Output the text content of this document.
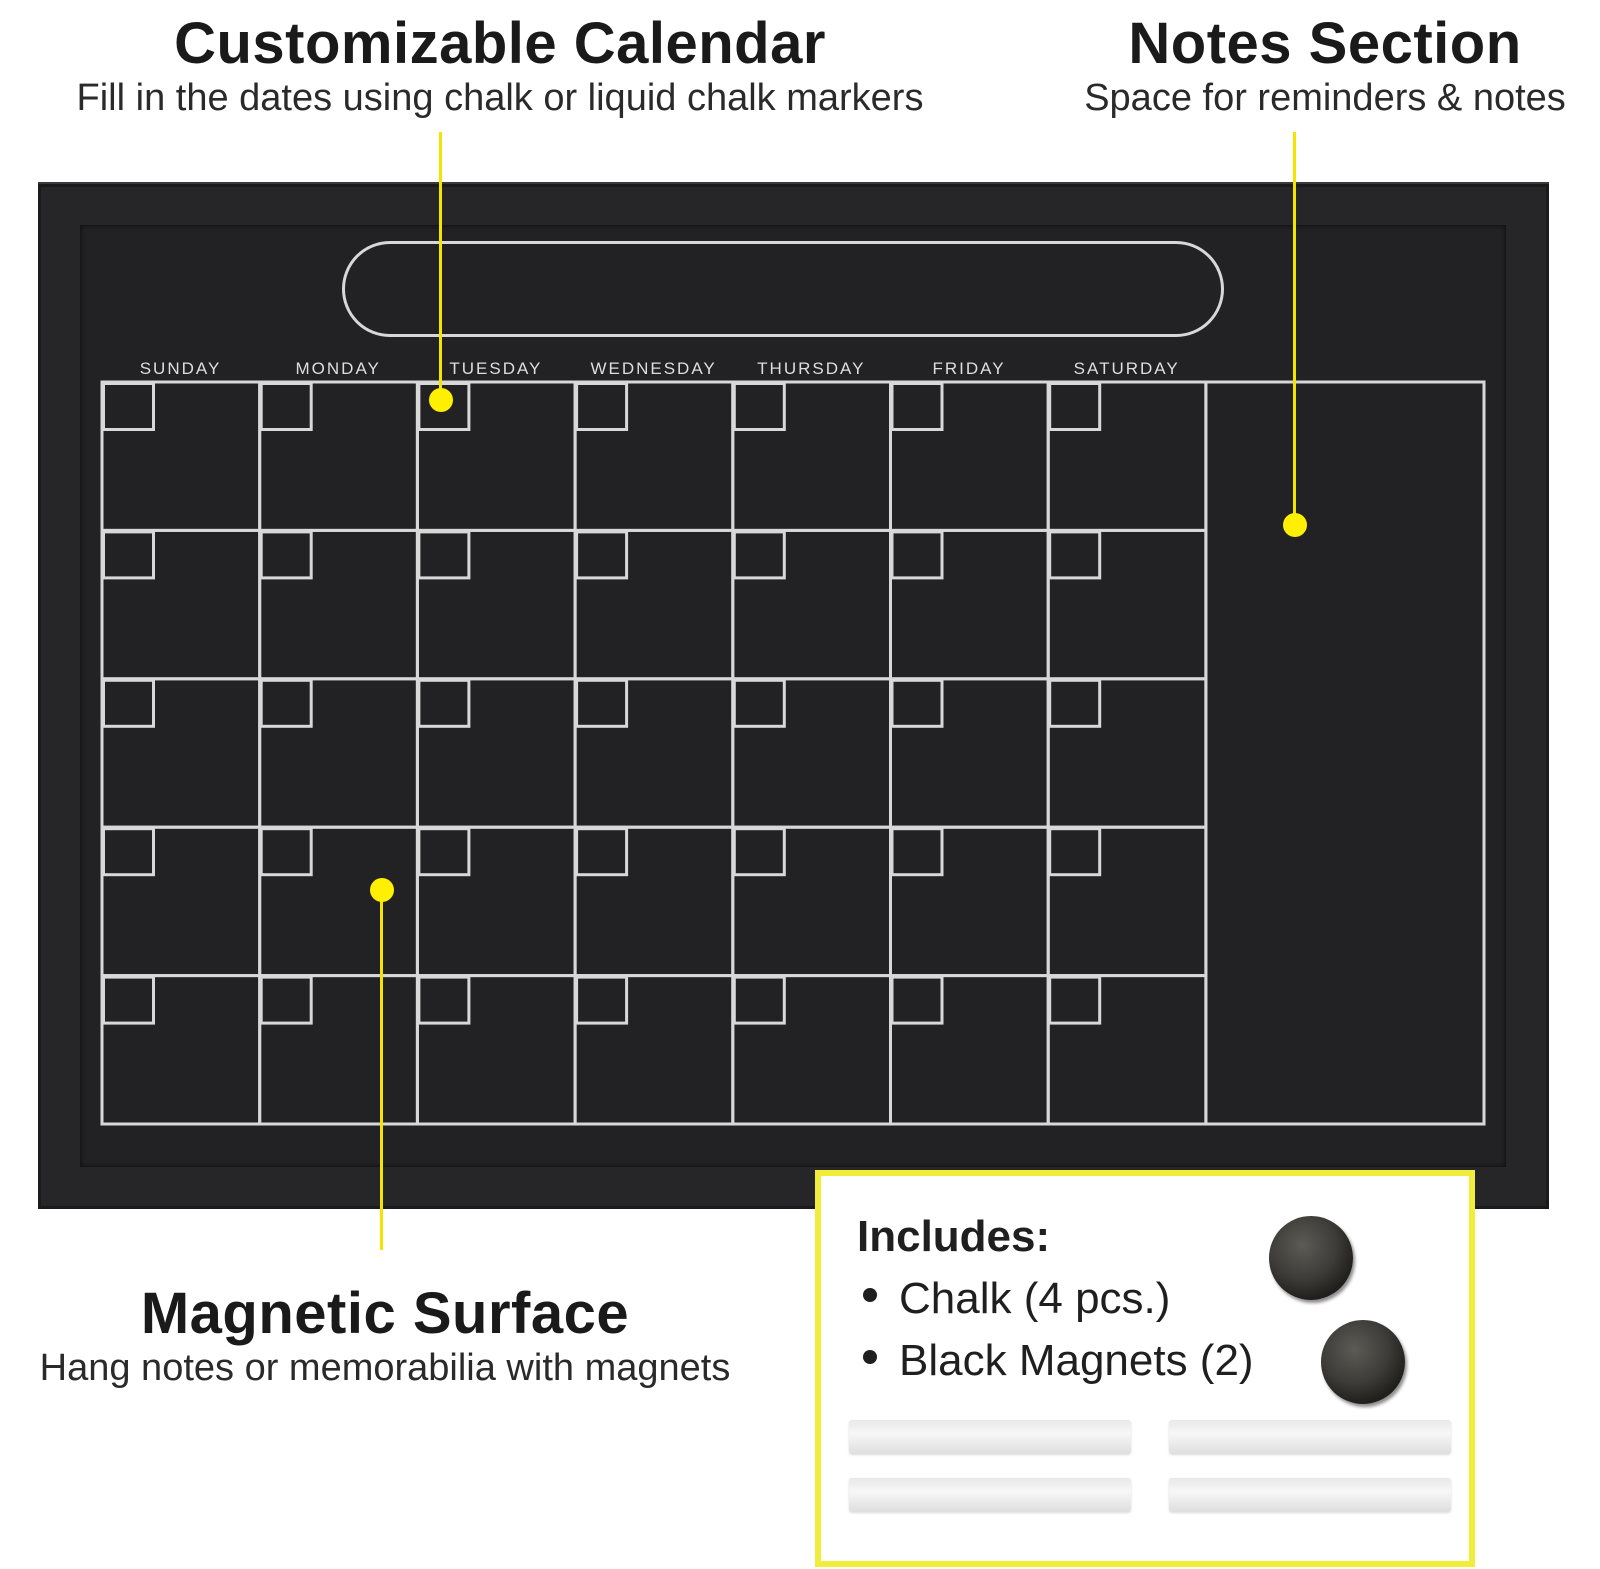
Customizable Calendar
Fill in the dates using chalk or liquid chalk markers
Notes Section
Space for reminders & notes
SUNDAY	MONDAY	TUESDAY	WEDNESDAY	THURSDAY	FRIDAY	SATURDAY
Magnetic Surface
Hang notes or memorabilia with magnets
Includes:
Chalk (4 pcs.)
Black Magnets (2)
